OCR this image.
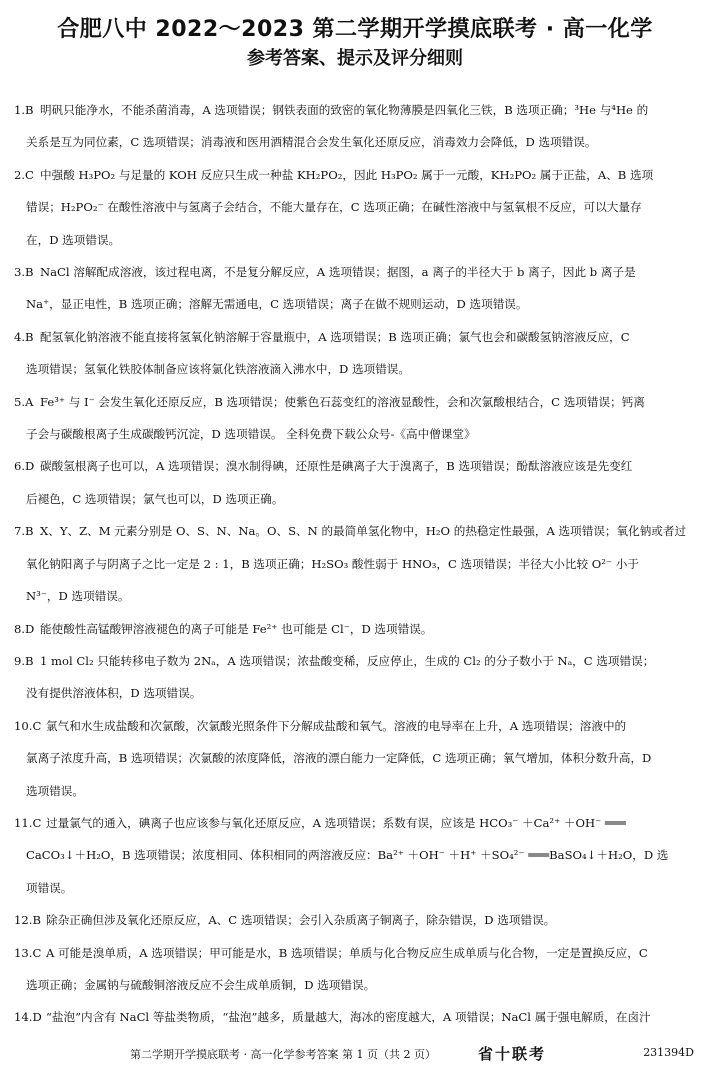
合肥八中 2022～2023 第二学期开学摸底联考 · 高一化学
参考答案、提示及评分细则
1.B 明矾只能净水，不能杀菌消毒，A 选项错误；钢铁表面的致密的氧化物薄膜是四氧化三铁，B 选项正确；³He 与⁴He 的
关系是互为同位素，C 选项错误；消毒液和医用酒精混合会发生氧化还原反应，消毒效力会降低，D 选项错误。
2.C 中强酸 H₃PO₂ 与足量的 KOH 反应只生成一种盐 KH₂PO₂，因此 H₃PO₂ 属于一元酸，KH₂PO₂ 属于正盐，A、B 选项
错误；H₂PO₂⁻ 在酸性溶液中与氢离子会结合，不能大量存在，C 选项正确；在碱性溶液中与氢氧根不反应，可以大量存
在，D 选项错误。
3.B NaCl 溶解配成溶液，该过程电离，不是复分解反应，A 选项错误；据图，a 离子的半径大于 b 离子，因此 b 离子是
Na⁺，显正电性，B 选项正确；溶解无需通电，C 选项错误；离子在做不规则运动，D 选项错误。
4.B 配氢氧化钠溶液不能直接将氢氧化钠溶解于容量瓶中，A 选项错误；B 选项正确；氯气也会和碳酸氢钠溶液反应，C
选项错误；氢氧化铁胶体制备应该将氯化铁溶液滴入沸水中，D 选项错误。
5.A Fe³⁺ 与 I⁻ 会发生氧化还原反应，B 选项错误；使紫色石蕊变红的溶液显酸性，会和次氯酸根结合，C 选项错误；钙离
子会与碳酸根离子生成碳酸钙沉淀，D 选项错误。 全科免费下载公众号-《高中僧课堂》
6.D 碳酸氢根离子也可以，A 选项错误；溴水制得碘，还原性是碘离子大于溴离子，B 选项错误；酚酞溶液应该是先变红
后褪色，C 选项错误；氯气也可以，D 选项正确。
7.B X、Y、Z、M 元素分别是 O、S、N、Na。O、S、N 的最简单氢化物中，H₂O 的热稳定性最强，A 选项错误；氧化钠或者过
氧化钠阳离子与阴离子之比一定是 2 : 1，B 选项正确；H₂SO₃ 酸性弱于 HNO₃，C 选项错误；半径大小比较 O²⁻ 小于
N³⁻，D 选项错误。
8.D 能使酸性高锰酸钾溶液褪色的离子可能是 Fe²⁺ 也可能是 Cl⁻，D 选项错误。
9.B 1 mol Cl₂ 只能转移电子数为 2Nₐ，A 选项错误；浓盐酸变稀，反应停止，生成的 Cl₂ 的分子数小于 Nₐ，C 选项错误；
没有提供溶液体积，D 选项错误。
10.C 氯气和水生成盐酸和次氯酸，次氯酸光照条件下分解成盐酸和氧气。溶液的电导率在上升，A 选项错误；溶液中的
氯离子浓度升高，B 选项错误；次氯酸的浓度降低，溶液的漂白能力一定降低，C 选项正确；氧气增加，体积分数升高，D
选项错误。
11.C 过量氯气的通入，碘离子也应该参与氧化还原反应，A 选项错误；系数有误，应该是 HCO₃⁻ ＋Ca²⁺ ＋OH⁻ ═══
CaCO₃↓＋H₂O，B 选项错误；浓度相同、体积相同的两溶液反应：Ba²⁺ ＋OH⁻ ＋H⁺ ＋SO₄²⁻ ═══BaSO₄↓＋H₂O，D 选
项错误。
12.B 除杂正确但涉及氧化还原反应，A、C 选项错误；会引入杂质离子铜离子，除杂错误，D 选项错误。
13.C A 可能是溴单质，A 选项错误；甲可能是水，B 选项错误；单质与化合物反应生成单质与化合物，一定是置换反应，C
选项正确；金属钠与硫酸铜溶液反应不会生成单质铜，D 选项错误。
14.D “盐泡”内含有 NaCl 等盐类物质，“盐泡”越多，质量越大，海冰的密度越大，A 项错误；NaCl 属于强电解质，在卤汁
第二学期开学摸底联考 · 高一化学参考答案 第 1 页（共 2 页）	省十联考	231394D
